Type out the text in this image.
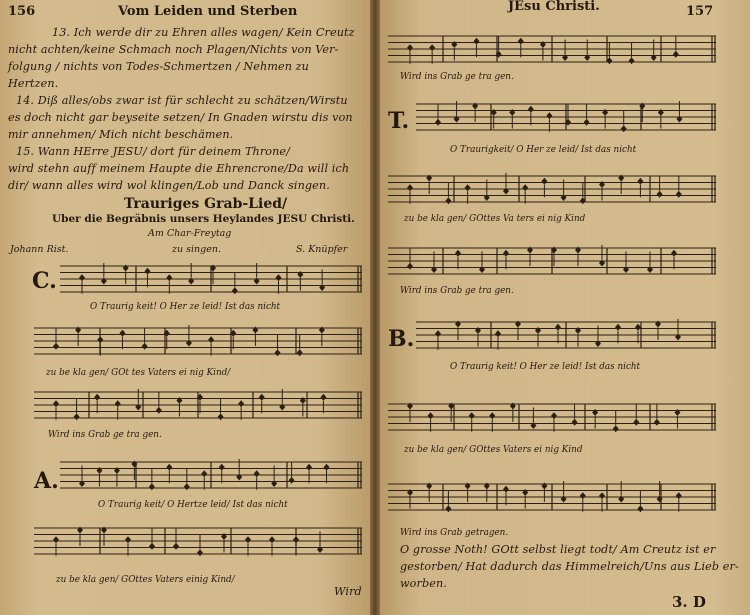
156	Vom Leiden und Sterben
13. Ich werde dir zu Ehren alles wagen/ Kein Creutz
nicht achten/keine Schmach noch Plagen/Nichts von Ver-
folgung / nichts von Todes-Schmertzen / Nehmen zu
Hertzen.
14. Diß alles/obs zwar ist für schlecht zu schätzen/Wirstu
es doch nicht gar beyseite setzen/ In Gnaden wirstu dis von
mir annehmen/ Mich nicht beschämen.
15. Wann HErre JESU/ dort für deinem Throne/
wird stehn auff meinem Haupte die Ehrencrone/Da will ich
dir/ wann alles wird wol klingen/Lob und Danck singen.
Trauriges Grab-Lied/
Uber die Begräbnis unsers Heylandes JESU Christi.
Am Char-Freytag
Johann Rist.	zu singen.	S. Knüpfer
C.
O Traurig keit! O Her ze leid! Ist das nicht
zu be kla gen/ GOt tes Vaters ei nig Kind/
Wird ins Grab ge tra gen.
A.
O Traurig keit/ O Hertze leid/ Ist das nicht
zu be kla gen/ GOttes Vaters einig Kind/
Wird
JEsu Christi.	157
Wird ins Grab ge tra gen.
T.
O Traurigkeit/ O Her ze leid/ Ist das nicht
zu be kla gen/ GOttes Va ters ei nig Kind
Wird ins Grab ge tra gen.
B.
O Traurig keit! O Her ze leid! Ist das nicht
zu be kla gen/ GOttes Vaters ei nig Kind
Wird ins Grab getragen.
O grosse Noth! GOtt selbst liegt todt/ Am Creutz ist er
gestorben/ Hat dadurch das Himmelreich/Uns aus Lieb er-
worben.
3. D
